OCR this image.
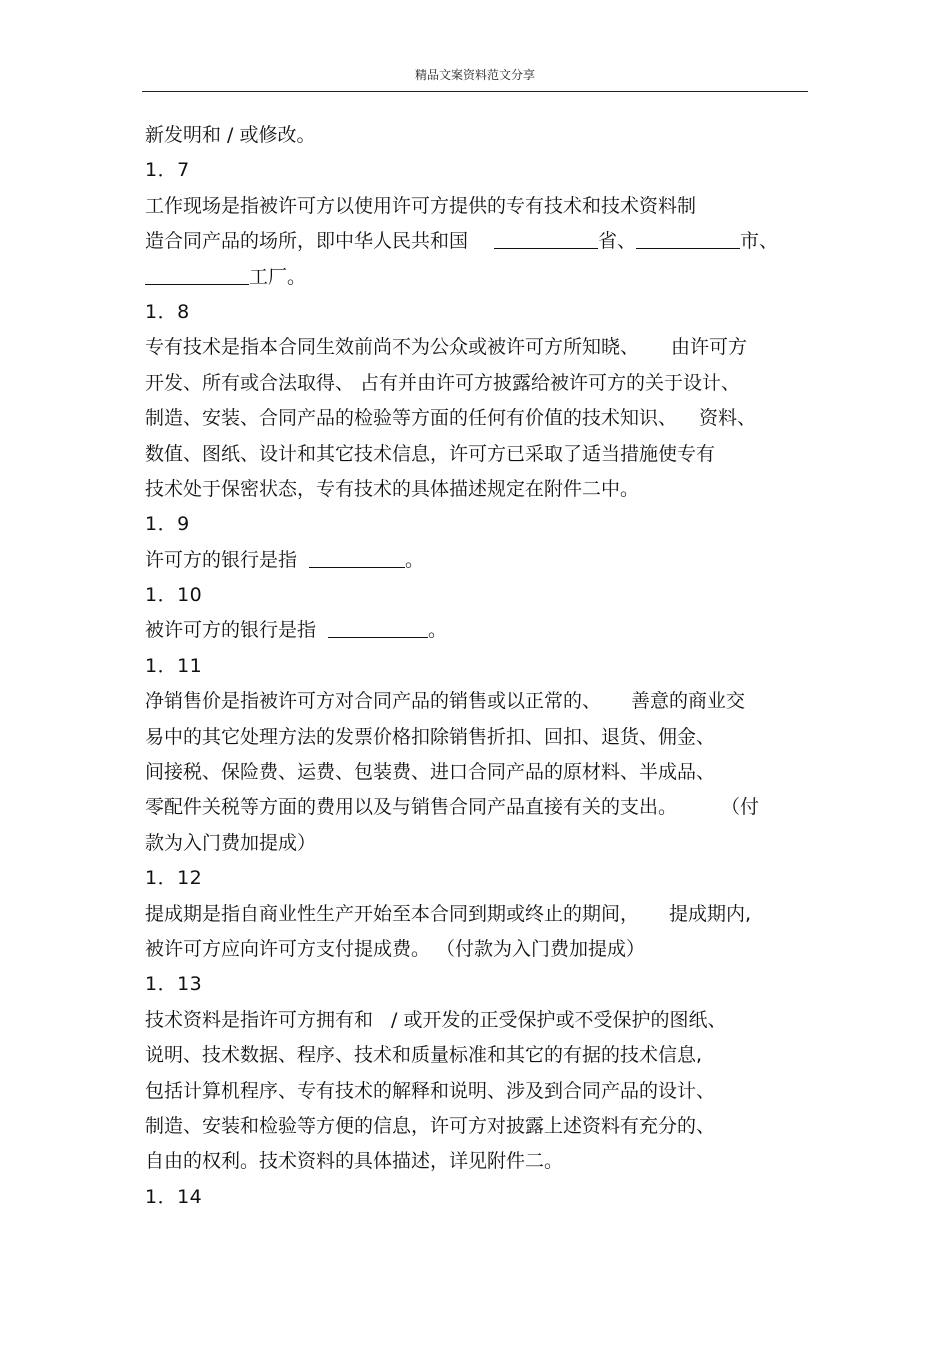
精品文案资料范文分享
新发明和 / 或修改。
1．7
工作现场是指被许可方以使用许可方提供的专有技术和技术资料制
造合同产品的场所，即中华人民共和国	省、	市、
工厂。
1．8
专有技术是指本合同生效前尚不为公众或被许可方所知晓、 由许可方
开发、所有或合法取得、 占有并由许可方披露给被许可方的关于设计、
制造、安装、合同产品的检验等方面的任何有价值的技术知识、 资料、
数值、图纸、设计和其它技术信息，许可方已采取了适当措施使专有
技术处于保密状态，专有技术的具体描述规定在附件二中。
1．9
许可方的银行是指	。
1．10
被许可方的银行是指	。
1．11
净销售价是指被许可方对合同产品的销售或以正常的、 善意的商业交
易中的其它处理方法的发票价格扣除销售折扣、回扣、退货、佣金、
间接税、保险费、运费、包装费、进口合同产品的原材料、半成品、
零配件关税等方面的费用以及与销售合同产品直接有关的支出。 （付
款为入门费加提成）
1．12
提成期是指自商业性生产开始至本合同到期或终止的期间， 提成期内,
被许可方应向许可方支付提成费。 （付款为入门费加提成）
1．13
技术资料是指许可方拥有和 / 或开发的正受保护或不受保护的图纸、
说明、技术数据、程序、技术和质量标准和其它的有据的技术信息,
包括计算机程序、专有技术的解释和说明、涉及到合同产品的设计、
制造、安装和检验等方便的信息，许可方对披露上述资料有充分的、
自由的权利。技术资料的具体描述，详见附件二。
1．14
